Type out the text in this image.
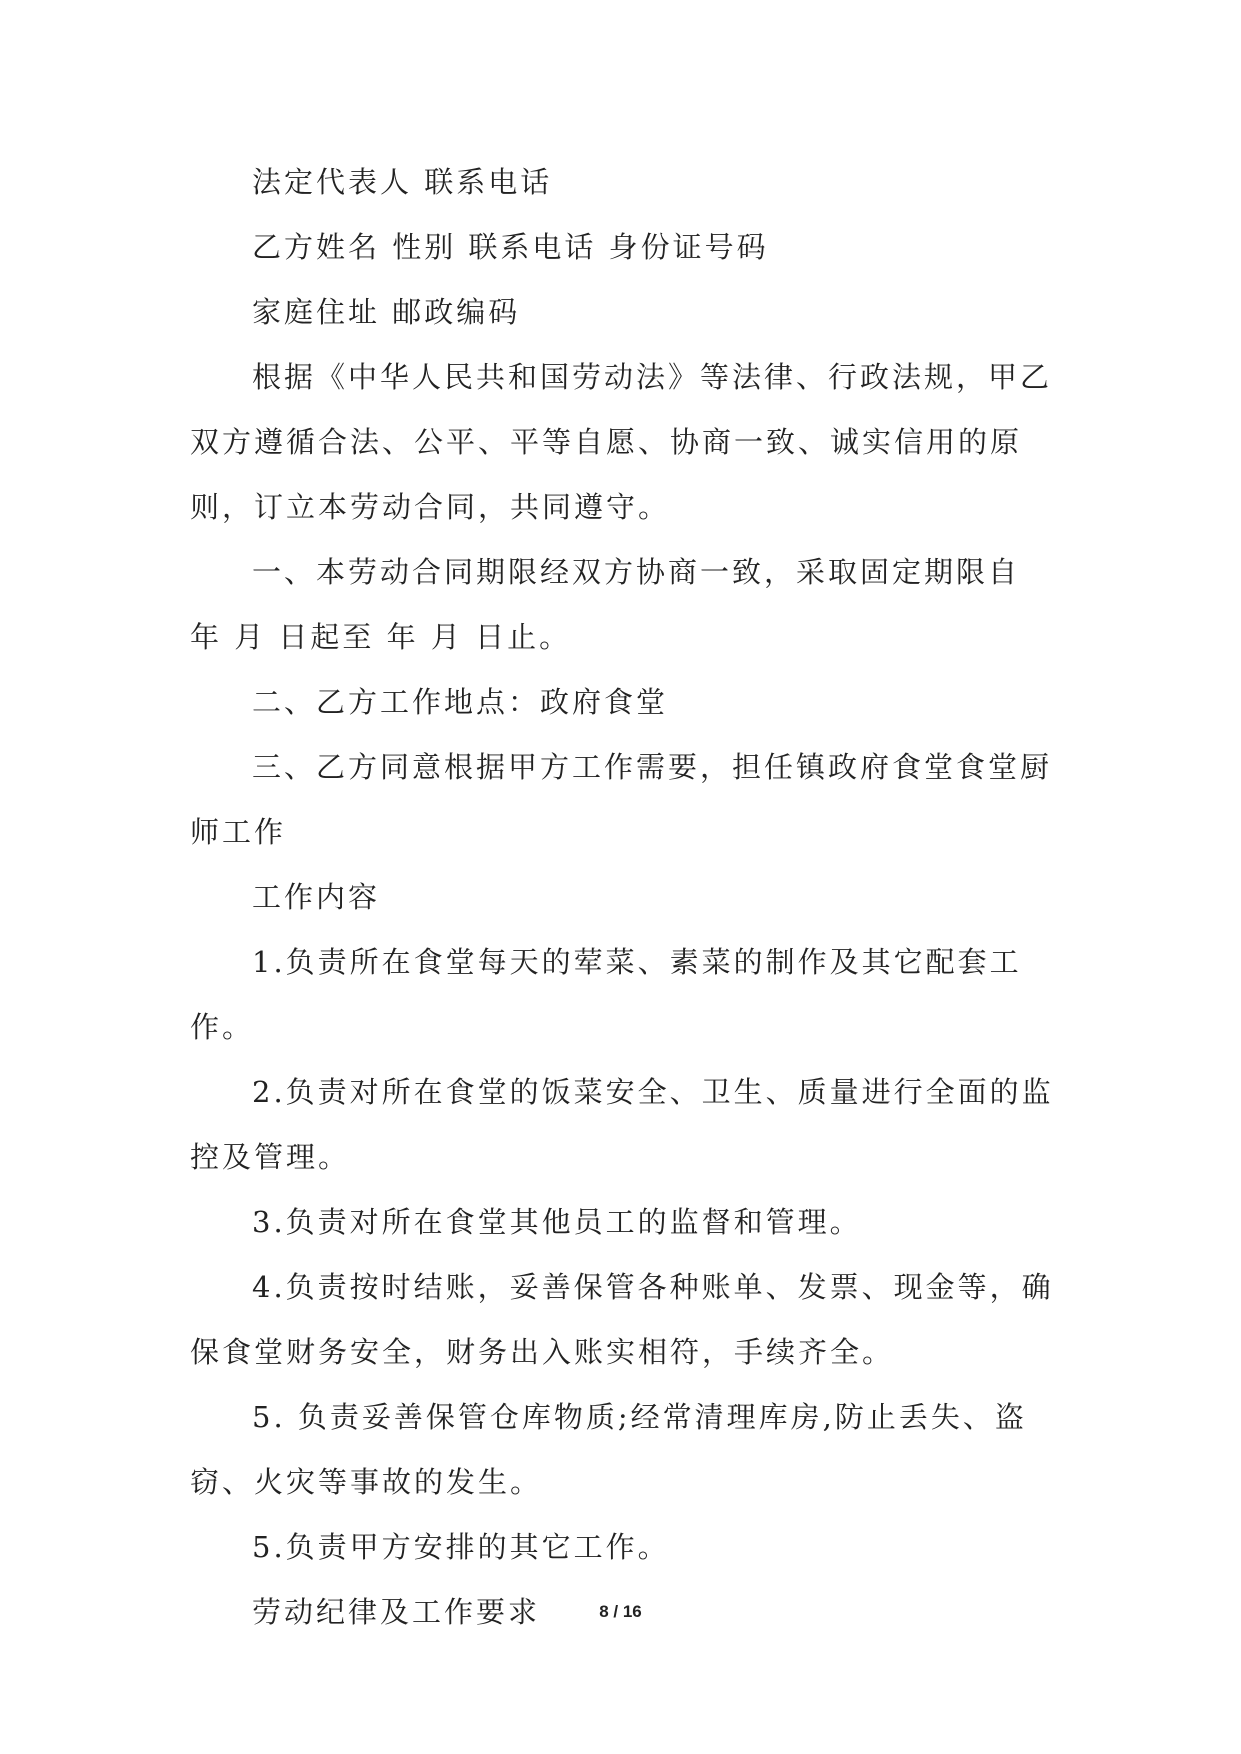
法定代表人 联系电话

乙方姓名 性别 联系电话 身份证号码

家庭住址 邮政编码

根据《中华人民共和国劳动法》等法律、行政法规，甲乙双方遵循合法、公平、平等自愿、协商一致、诚实信用的原则，订立本劳动合同，共同遵守。

一、本劳动合同期限经双方协商一致，采取固定期限自 年 月 日起至 年 月 日止。

二、乙方工作地点：政府食堂

三、乙方同意根据甲方工作需要，担任镇政府食堂食堂厨师工作

工作内容

1.负责所在食堂每天的荤菜、素菜的制作及其它配套工作。

2.负责对所在食堂的饭菜安全、卫生、质量进行全面的监控及管理。

3.负责对所在食堂其他员工的监督和管理。

4.负责按时结账，妥善保管各种账单、发票、现金等，确保食堂财务安全，财务出入账实相符，手续齐全。

5. 负责妥善保管仓库物质;经常清理库房,防止丢失、盗窃、火灾等事故的发生。

5.负责甲方安排的其它工作。

劳动纪律及工作要求	8 / 16
